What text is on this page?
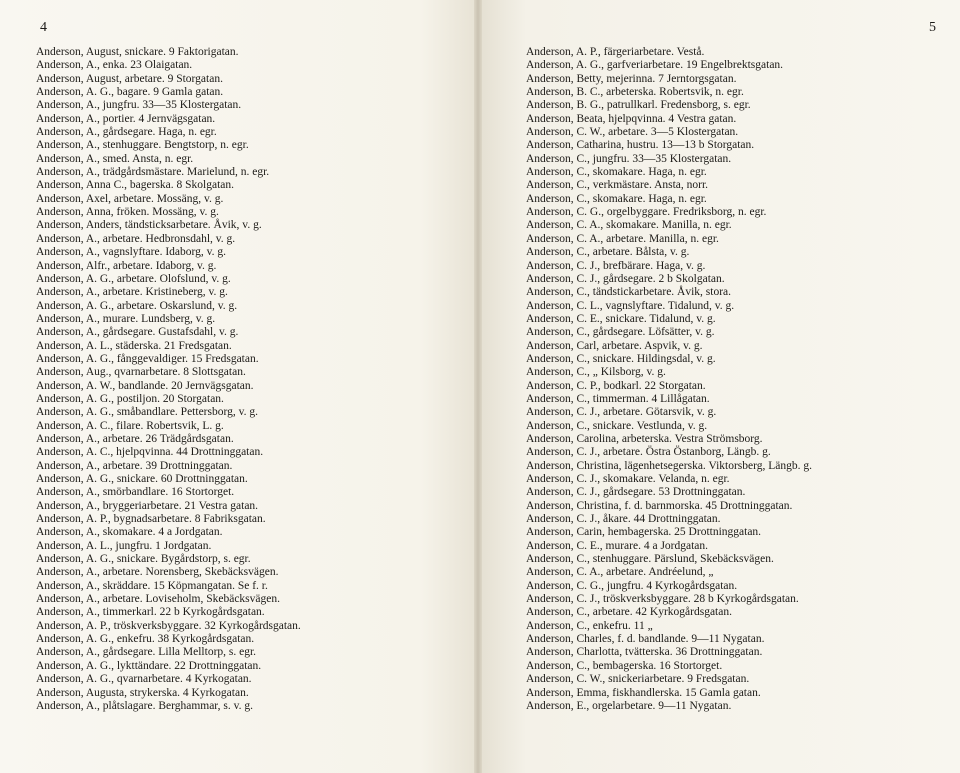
4
Anderson, August, snickare. 9 Faktorigatan.
Anderson, A., enka. 23 Olaigatan.
Anderson, August, arbetare. 9 Storgatan.
Anderson, A. G., bagare. 9 Gamla gatan.
Anderson, A., jungfru. 33—35 Klostergatan.
Anderson, A., portier. 4 Jernvägsgatan.
Anderson, A., gårdsegare. Haga, n. egr.
Anderson, A., stenhuggare. Bengtstorp, n. egr.
Anderson, A., smed. Ansta, n. egr.
Anderson, A., trädgårdsmästare. Marielund, n. egr.
Anderson, Anna C., bagerska. 8 Skolgatan.
Anderson, Axel, arbetare. Mossäng, v. g.
Anderson, Anna, fröken. Mossäng, v. g.
Anderson, Anders, tändsticksarbetare. Åvik, v. g.
Anderson, A., arbetare. Hedbronsdahl, v. g.
Anderson, A., vagnslyftare. Idaborg, v. g.
Anderson, Alfr., arbetare. Idaborg, v. g.
Anderson, A. G., arbetare. Olofslund, v. g.
Anderson, A., arbetare. Kristineberg, v. g.
Anderson, A. G., arbetare. Oskarslund, v. g.
Anderson, A., murare. Lundsberg, v. g.
Anderson, A., gårdsegare. Gustafsdahl, v. g.
Anderson, A. L., städerska. 21 Fredsgatan.
Anderson, A. G., fånggevaldiger. 15 Fredsgatan.
Anderson, Aug., qvarnarbetare. 8 Slottsgatan.
Anderson, A. W., bandlande. 20 Jernvägsgatan.
Anderson, A. G., postiljon. 20 Storgatan.
Anderson, A. G., småbandlare. Pettersborg, v. g.
Anderson, A. C., filare. Robertsvik, L. g.
Anderson, A., arbetare. 26 Trädgårdsgatan.
Anderson, A. C., hjelpqvinna. 44 Drottninggatan.
Anderson, A., arbetare. 39 Drottninggatan.
Anderson, A. G., snickare. 60 Drottninggatan.
Anderson, A., smörbandlare. 16 Stortorget.
Anderson, A., bryggeriarbetare. 21 Vestra gatan.
Anderson, A. P., bygnadsarbetare. 8 Fabriksgatan.
Anderson, A., skomakare. 4 a Jordgatan.
Anderson, A. L., jungfru. 1 Jordgatan.
Anderson, A. G., snickare. Bygårdstorp, s. egr.
Anderson, A., arbetare. Norensberg, Skebäcksvägen.
Anderson, A., skräddare. 15 Köpmangatan. Se f. r.
Anderson, A., arbetare. Loviseholm, Skebäcksvägen.
Anderson, A., timmerkarl. 22 b Kyrkogårdsgatan.
Anderson, A. P., tröskverksbyggare. 32 Kyrkogårdsgatan.
Anderson, A. G., enkefru. 38 Kyrkogårdsgatan.
Anderson, A., gårdsegare. Lilla Melltorp, s. egr.
Anderson, A. G., lykttändare. 22 Drottninggatan.
Anderson, A. G., qvarnarbetare. 4 Kyrkogatan.
Anderson, Augusta, strykerska. 4 Kyrkogatan.
Anderson, A., plåtslagare. Berghammar, s. v. g.
5
Anderson, A. P., färgeriarbetare. Vestå.
Anderson, A. G., garfveriarbetare. 19 Engelbrektsgatan.
Anderson, Betty, mejerinna. 7 Jerntorgsgatan.
Anderson, B. C., arbeterska. Robertsvik, n. egr.
Anderson, B. G., patrullkarl. Fredensborg, s. egr.
Anderson, Beata, hjelpqvinna. 4 Vestra gatan.
Anderson, C. W., arbetare. 3—5 Klostergatan.
Anderson, Catharina, hustru. 13—13 b Storgatan.
Anderson, C., jungfru. 33—35 Klostergatan.
Anderson, C., skomakare. Haga, n. egr.
Anderson, C., verkmästare. Ansta, norr.
Anderson, C., skomakare. Haga, n. egr.
Anderson, C. G., orgelbyggare. Fredriksborg, n. egr.
Anderson, C. A., skomakare. Manilla, n. egr.
Anderson, C. A., arbetare. Manilla, n. egr.
Anderson, C., arbetare. Bålsta, v. g.
Anderson, C. J., brefbärare. Haga, v. g.
Anderson, C. J., gårdsegare. 2 b Skolgatan.
Anderson, C., tändstickarbetare. Åvik, stora.
Anderson, C. L., vagnslyftare. Tidalund, v. g.
Anderson, C. E., snickare. Tidalund, v. g.
Anderson, C., gårdsegare. Löfsätter, v. g.
Anderson, Carl, arbetare. Aspvik, v. g.
Anderson, C., snickare. Hildingsdal, v. g.
Anderson, C., „ Kilsborg, v. g.
Anderson, C. P., bodkarl. 22 Storgatan.
Anderson, C., timmerman. 4 Lillågatan.
Anderson, C. J., arbetare. Götarsvik, v. g.
Anderson, C., snickare. Vestlunda, v. g.
Anderson, Carolina, arbeterska. Vestra Strömsborg.
Anderson, C. J., arbetare. Östra Östanborg, Längb. g.
Anderson, Christina, lägenhetsegerska. Viktorsberg, Längb. g.
Anderson, C. J., skomakare. Velanda, n. egr.
Anderson, C. J., gårdsegare. 53 Drottninggatan.
Anderson, Christina, f. d. barnmorska. 45 Drottninggatan.
Anderson, C. J., åkare. 44 Drottninggatan.
Anderson, Carin, hembagerska. 25 Drottninggatan.
Anderson, C. E., murare. 4 a Jordgatan.
Anderson, C., stenhuggare. Pärslund, Skebäcksvägen.
Anderson, C. A., arbetare. Andréelund, „
Anderson, C. G., jungfru. 4 Kyrkogårdsgatan.
Anderson, C. J., tröskverksbyggare. 28 b Kyrkogårdsgatan.
Anderson, C., arbetare. 42 Kyrkogårdsgatan.
Anderson, C., enkefru. 11 „
Anderson, Charles, f. d. bandlande. 9—11 Nygatan.
Anderson, Charlotta, tvätterska. 36 Drottninggatan.
Anderson, C., bembagerska. 16 Stortorget.
Anderson, C. W., snickeriarbetare. 9 Fredsgatan.
Anderson, Emma, fiskhandlerska. 15 Gamla gatan.
Anderson, E., orgelarbetare. 9—11 Nygatan.
